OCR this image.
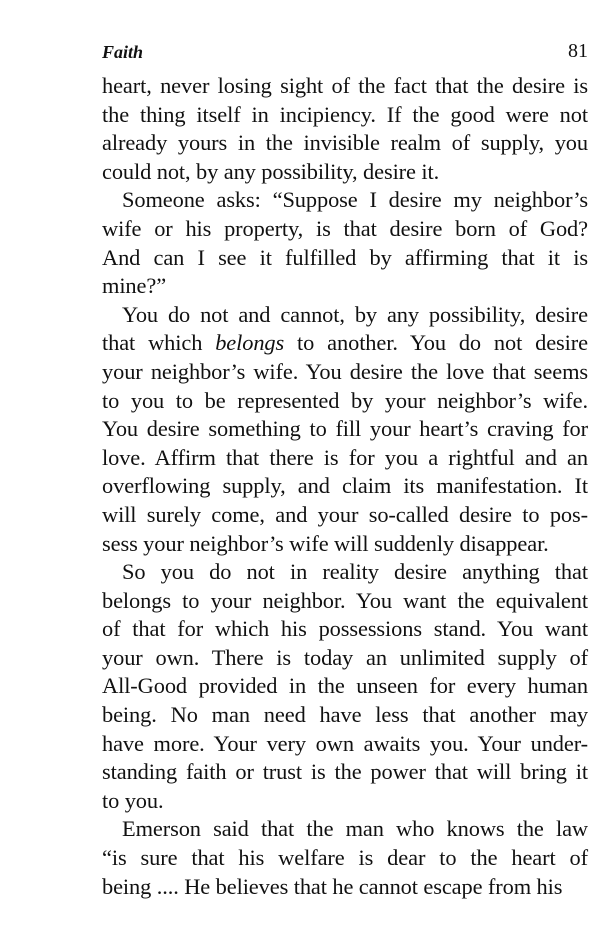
Faith	81

heart, never losing sight of the fact that the desire is
the thing itself in incipiency. If the good were not
already yours in the invisible realm of supply, you
could not, by any possibility, desire it.

Someone asks: “Suppose I desire my neighbor’s
wife or his property, is that desire born of God?
And can I see it fulfilled by affirming that it is
mine?”

You do not and cannot, by any possibility, desire
that which belongs to another. You do not desire
your neighbor’s wife. You desire the love that seems
to you to be represented by your neighbor’s wife.
You desire something to fill your heart’s craving for
love. Affirm that there is for you a rightful and an
overflowing supply, and claim its manifestation. It
will surely come, and your so-called desire to pos-
sess your neighbor’s wife will suddenly disappear.

So you do not in reality desire anything that
belongs to your neighbor. You want the equivalent
of that for which his possessions stand. You want
your own. There is today an unlimited supply of
All-Good provided in the unseen for every human
being. No man need have less that another may
have more. Your very own awaits you. Your under-
standing faith or trust is the power that will bring it
to you.

Emerson said that the man who knows the law
“is sure that his welfare is dear to the heart of
being .... He believes that he cannot escape from his
